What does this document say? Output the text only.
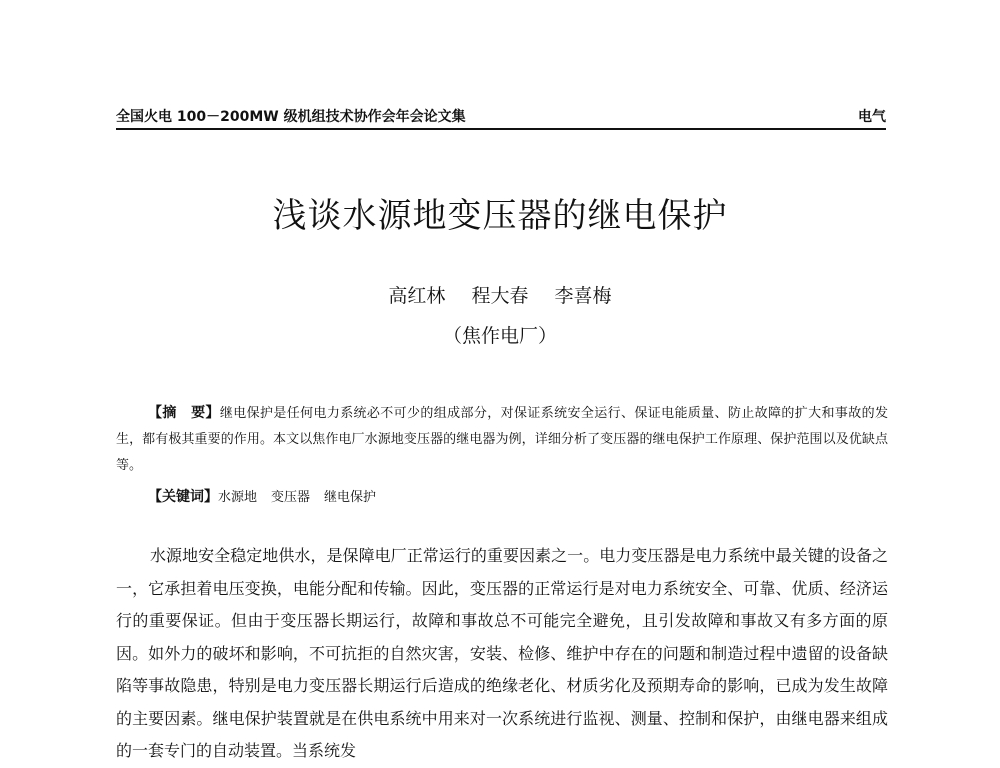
全国火电 100－200MW 级机组技术协作会年会论文集	电气
浅谈水源地变压器的继电保护
高红林 程大春 李喜梅
（焦作电厂）

【摘　要】继电保护是任何电力系统必不可少的组成部分，对保证系统安全运行、保证电能质量、防止故障的扩大和事故的发生，都有极其重要的作用。本文以焦作电厂水源地变压器的继电器为例，详细分析了变压器的继电保护工作原理、保护范围以及优缺点等。

【关键词】水源地 变压器 继电保护

水源地安全稳定地供水，是保障电厂正常运行的重要因素之一。电力变压器是电力系统中最关键的设备之一，它承担着电压变换，电能分配和传输。因此，变压器的正常运行是对电力系统安全、可靠、优质、经济运行的重要保证。但由于变压器长期运行，故障和事故总不可能完全避免，且引发故障和事故又有多方面的原因。如外力的破坏和影响，不可抗拒的自然灾害，安装、检修、维护中存在的问题和制造过程中遗留的设备缺陷等事故隐患，特别是电力变压器长期运行后造成的绝缘老化、材质劣化及预期寿命的影响，已成为发生故障的主要因素。继电保护装置就是在供电系统中用来对一次系统进行监视、测量、控制和保护，由继电器来组成的一套专门的自动装置。当系统发
